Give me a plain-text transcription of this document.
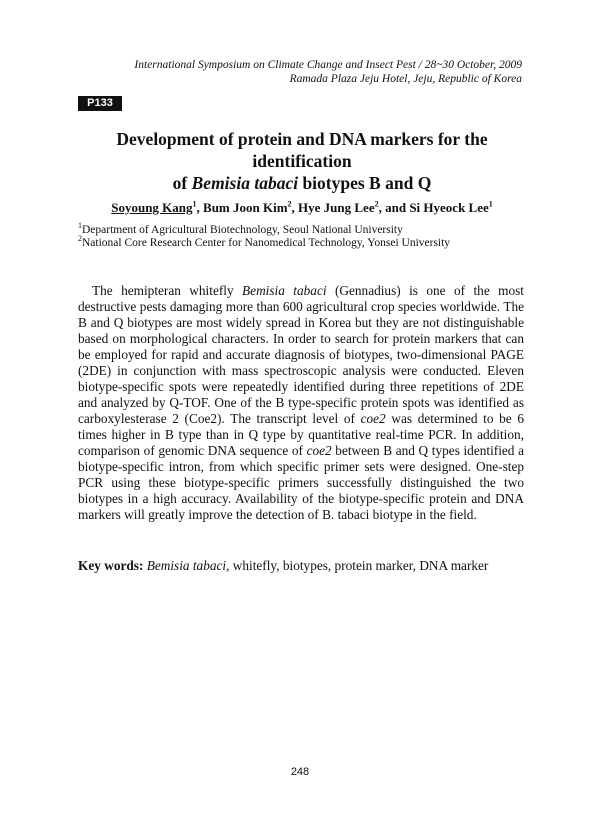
International Symposium on Climate Change and Insect Pest / 28~30 October, 2009
Ramada Plaza Jeju Hotel, Jeju, Republic of Korea
P133
Development of protein and DNA markers for the identification
of Bemisia tabaci biotypes B and Q
Soyoung Kang$^1$, Bum Joon Kim$^2$, Hye Jung Lee$^2$, and Si Hyeock Lee$^1$
$^1$Department of Agricultural Biotechnology, Seoul National University
$^2$National Core Research Center for Nanomedical Technology, Yonsei University

The hemipteran whitefly Bemisia tabaci (Gennadius) is one of the most destructive pests damaging more than 600 agricultural crop species worldwide. The B and Q biotypes are most widely spread in Korea but they are not distinguishable based on morphological characters. In order to search for protein markers that can be employed for rapid and accurate diagnosis of biotypes, two-dimensional PAGE (2DE) in conjunction with mass spectroscopic analysis were conducted. Eleven biotype-specific spots were repeatedly identified during three repetitions of 2DE and analyzed by Q-TOF. One of the B type-specific protein spots was identified as carboxylesterase 2 (Coe2). The transcript level of coe2 was determined to be 6 times higher in B type than in Q type by quantitative real-time PCR. In addition, comparison of genomic DNA sequence of coe2 between B and Q types identified a biotype-specific intron, from which specific primer sets were designed. One-step PCR using these biotype-specific primers successfully distinguished the two biotypes in a high accuracy. Availability of the biotype-specific protein and DNA markers will greatly improve the detection of B. tabaci biotype in the field.

Key words: Bemisia tabaci, whitefly, biotypes, protein marker, DNA marker
248
